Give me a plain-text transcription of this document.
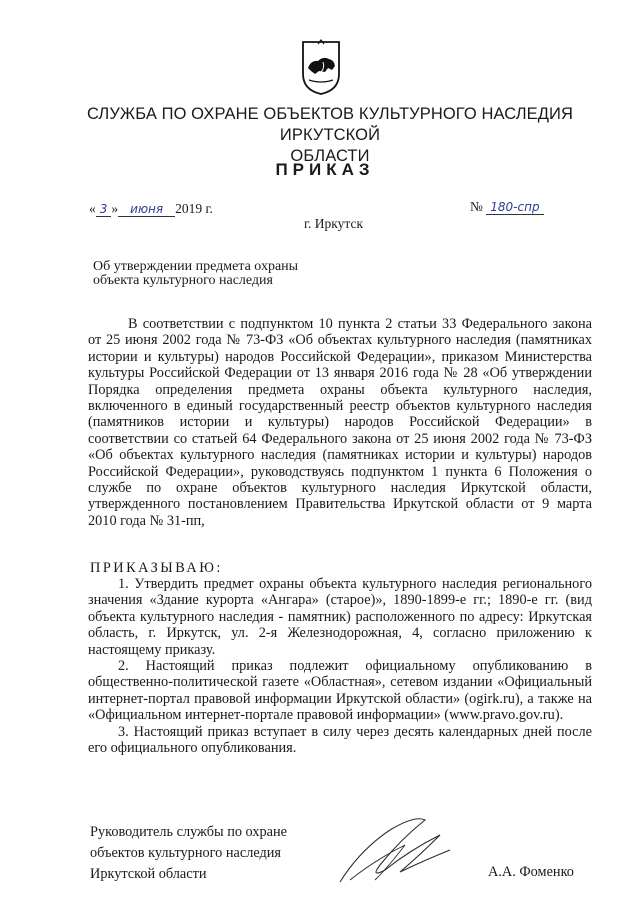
СЛУЖБА ПО ОХРАНЕ ОБЪЕКТОВ КУЛЬТУРНОГО НАСЛЕДИЯ ИРКУТСКОЙ
ОБЛАСТИ
ПРИКАЗ
« 3 » июня 2019 г.	№ 180-спр
г. Иркутск
Об утверждении предмета охраны
объекта культурного наследия

В соответствии с подпунктом 10 пункта 2 статьи 33 Федерального закона от 25 июня 2002 года № 73-ФЗ «Об объектах культурного наследия (памятниках истории и культуры) народов Российской Федерации», приказом Министерства культуры Российской Федерации от 13 января 2016 года № 28 «Об утверждении Порядка определения предмета охраны объекта культурного наследия, включенного в единый государственный реестр объектов культурного наследия (памятников истории и культуры) народов Российской Федерации» в соответствии со статьей 64 Федерального закона от 25 июня 2002 года № 73-ФЗ «Об объектах культурного наследия (памятниках истории и культуры) народов Российской Федерации», руководствуясь подпунктом 1 пункта 6 Положения о службе по охране объектов культурного наследия Иркутской области, утвержденного постановлением Правительства Иркутской области от 9 марта 2010 года № 31-пп,

ПРИКАЗЫВАЮ:

1. Утвердить предмет охраны объекта культурного наследия регионального значения «Здание курорта «Ангара» (старое)», 1890-1899-е гг.; 1890-е гг. (вид объекта культурного наследия - памятник) расположенного по адресу: Иркутская область, г. Иркутск, ул. 2-я Железнодорожная, 4, согласно приложению к настоящему приказу.

2. Настоящий приказ подлежит официальному опубликованию в общественно-политической газете «Областная», сетевом издании «Официальный интернет-портал правовой информации Иркутской области» (ogirk.ru), а также на «Официальном интернет-портале правовой информации» (www.pravo.gov.ru).

3. Настоящий приказ вступает в силу через десять календарных дней после его официального опубликования.

Руководитель службы по охране
объектов культурного наследия
Иркутской области	А.А. Фоменко
